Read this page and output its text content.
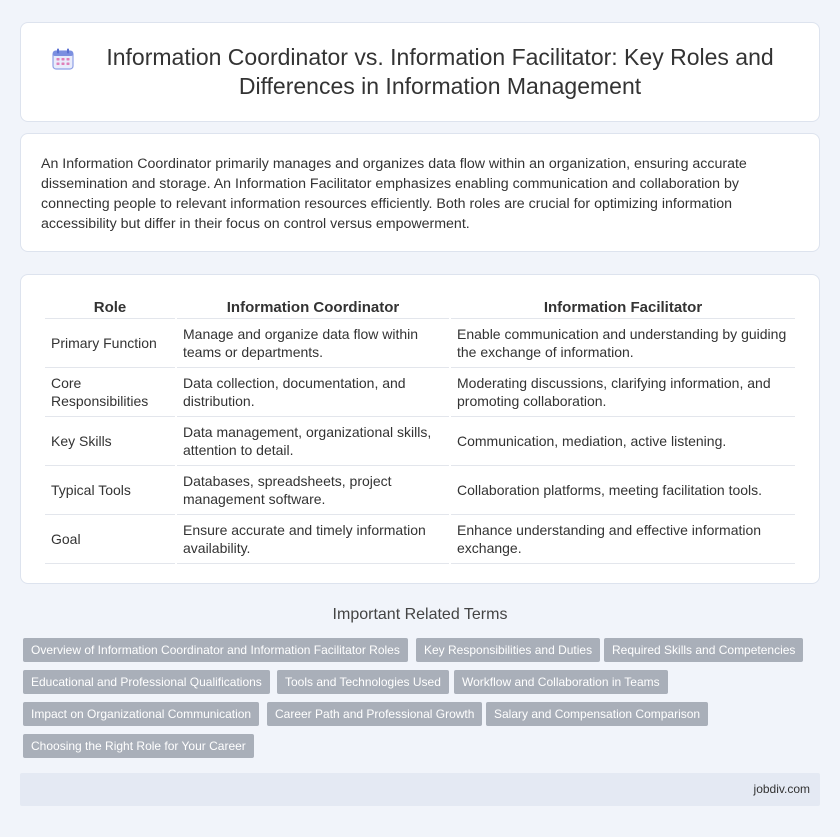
Information Coordinator vs. Information Facilitator: Key Roles and Differences in Information Management

An Information Coordinator primarily manages and organizes data flow within an organization, ensuring accurate dissemination and storage. An Information Facilitator emphasizes enabling communication and collaboration by connecting people to relevant information resources efficiently. Both roles are crucial for optimizing information accessibility but differ in their focus on control versus empowerment.

Role	Information Coordinator	Information Facilitator
Primary Function	Manage and organize data flow within teams or departments.	Enable communication and understanding by guiding the exchange of information.
Core Responsibilities	Data collection, documentation, and distribution.	Moderating discussions, clarifying information, and promoting collaboration.
Key Skills	Data management, organizational skills, attention to detail.	Communication, mediation, active listening.
Typical Tools	Databases, spreadsheets, project management software.	Collaboration platforms, meeting facilitation tools.
Goal	Ensure accurate and timely information availability.	Enhance understanding and effective information exchange.
Important Related Terms
Overview of Information Coordinator and Information Facilitator Roles	Key Responsibilities and Duties	Required Skills and Competencies
Educational and Professional Qualifications	Tools and Technologies Used	Workflow and Collaboration in Teams
Impact on Organizational Communication	Career Path and Professional Growth	Salary and Compensation Comparison
Choosing the Right Role for Your Career
jobdiv.com
